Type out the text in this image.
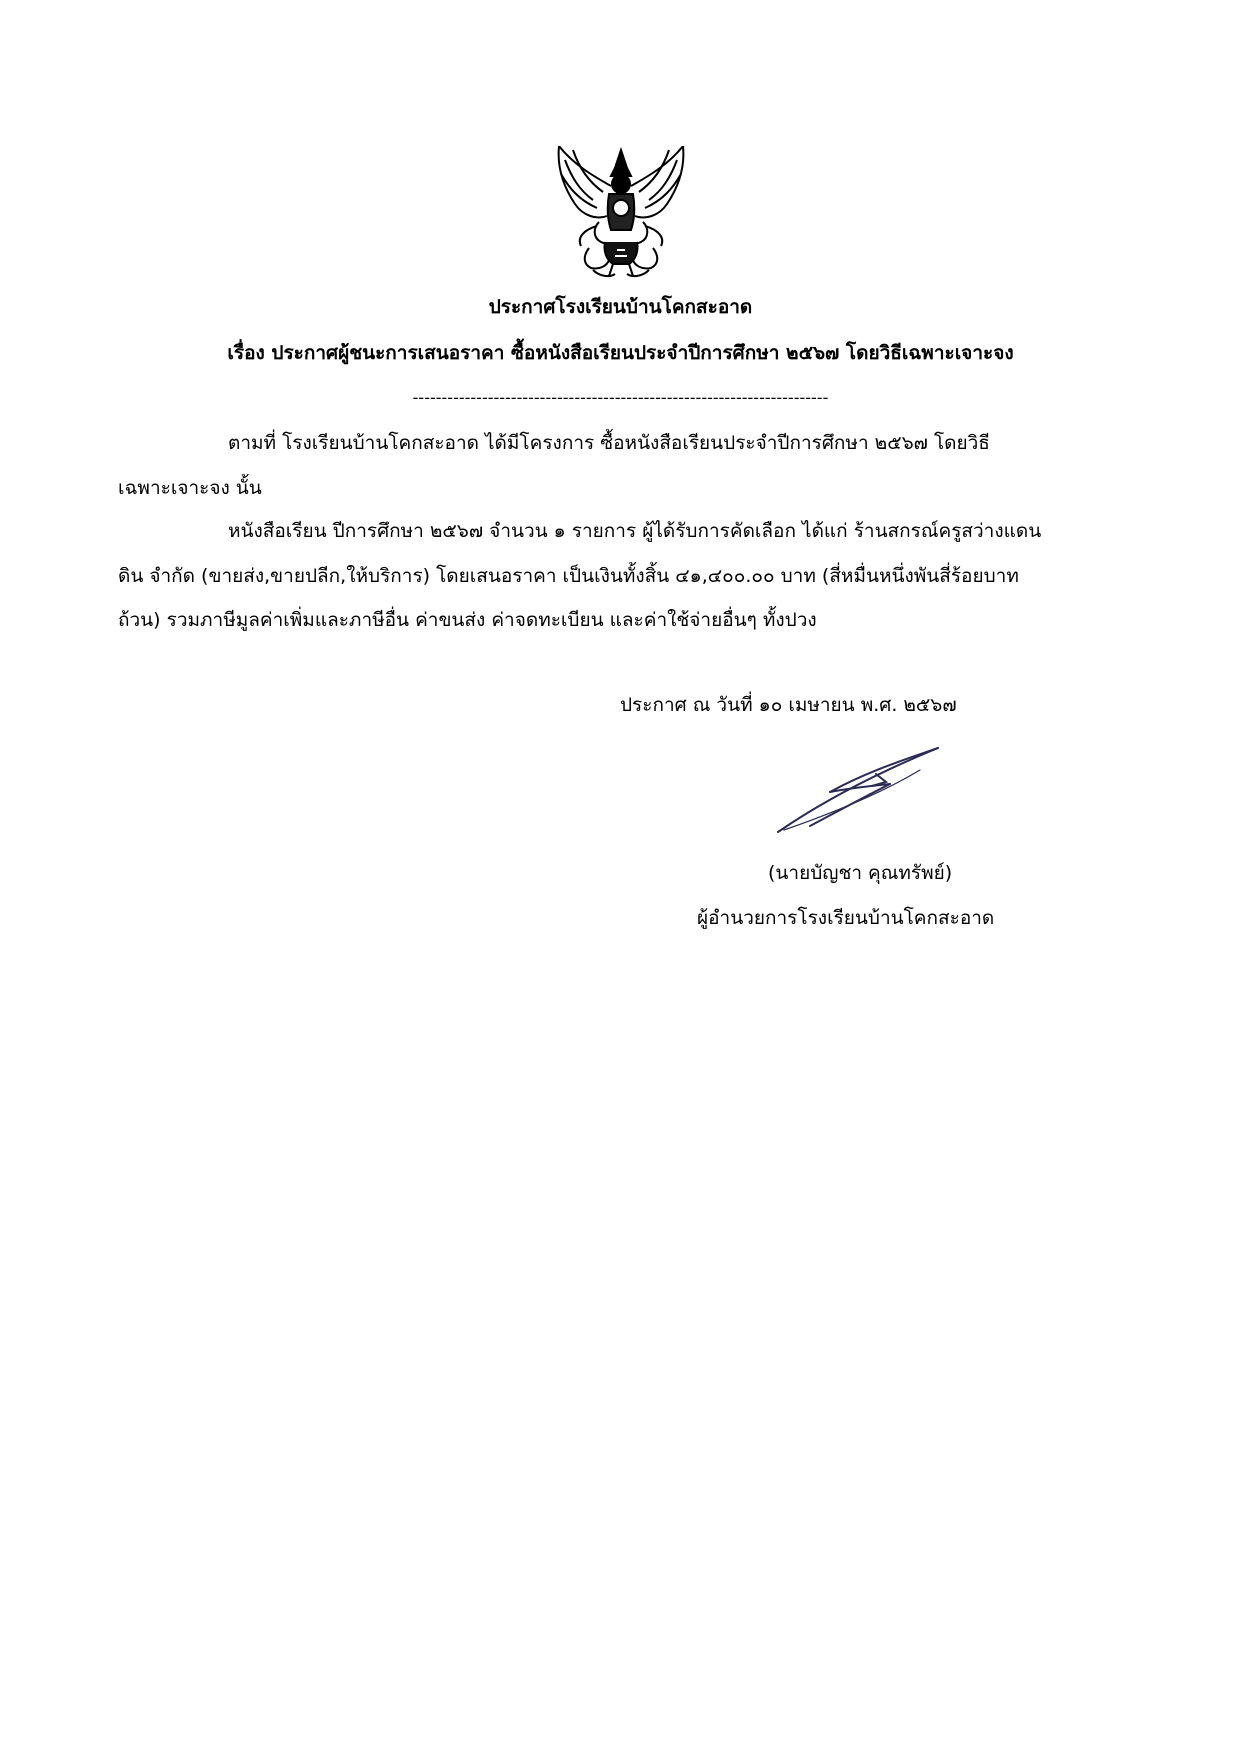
ประกาศโรงเรียนบ้านโคกสะอาด
เรื่อง ประกาศผู้ชนะการเสนอราคา ซื้อหนังสือเรียนประจำปีการศึกษา ๒๕๖๗ โดยวิธีเฉพาะเจาะจง
------------------------------------------------------------------------
ตามที่ โรงเรียนบ้านโคกสะอาด ได้มีโครงการ ซื้อหนังสือเรียนประจำปีการศึกษา ๒๕๖๗ โดยวิธี
เฉพาะเจาะจง นั้น
หนังสือเรียน ปีการศึกษา ๒๕๖๗ จำนวน ๑ รายการ ผู้ได้รับการคัดเลือก ได้แก่ ร้านสกรณ์ครูสว่างแดน
ดิน จำกัด (ขายส่ง,ขายปลีก,ให้บริการ) โดยเสนอราคา เป็นเงินทั้งสิ้น ๔๑,๔๐๐.๐๐ บาท (สี่หมื่นหนึ่งพันสี่ร้อยบาท
ถ้วน) รวมภาษีมูลค่าเพิ่มและภาษีอื่น ค่าขนส่ง ค่าจดทะเบียน และค่าใช้จ่ายอื่นๆ ทั้งปวง
ประกาศ ณ วันที่ ๑๐ เมษายน พ.ศ. ๒๕๖๗
(นายบัญชา คุณทรัพย์)
ผู้อำนวยการโรงเรียนบ้านโคกสะอาด
